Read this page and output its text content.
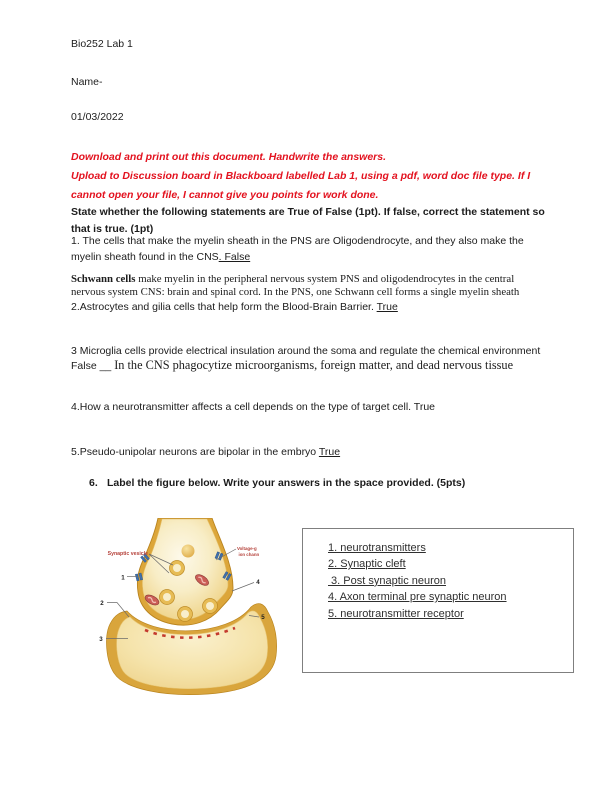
Bio252 Lab 1
Name-
01/03/2022
Download and print out this document. Handwrite the answers.
Upload to Discussion board in Blackboard labelled Lab 1, using a pdf, word doc file type. If I cannot open your file, I cannot give you points for work done.
State whether the following statements are True of False (1pt). If false, correct the statement so that is true. (1pt)
1. The cells that make the myelin sheath in the PNS are Oligodendrocyte, and they also make the myelin sheath found in the CNS. False
Schwann cells make myelin in the peripheral nervous system PNS and oligodendrocytes in the central nervous system CNS: brain and spinal cord. In the PNS, one Schwann cell forms a single myelin sheath
2.Astrocytes and gilia cells that help form the Blood-Brain Barrier. True
3 Microglia cells provide electrical insulation around the soma and regulate the chemical environment
False __ In the CNS phagocytize microorganisms, foreign matter, and dead nervous tissue
4.How a neurotransmitter affects a cell depends on the type of target cell. True
5.Pseudo-unipolar neurons are bipolar in the embryo True
6. Label the figure below. Write your answers in the space provided. (5pts)
Synaptic vesicle
Voltage-g
ion chann
1
2
3
4
5
1. neurotransmitters
2. Synaptic cleft
3. Post synaptic neuron
4. Axon terminal pre synaptic neuron
5. neurotransmitter receptor
